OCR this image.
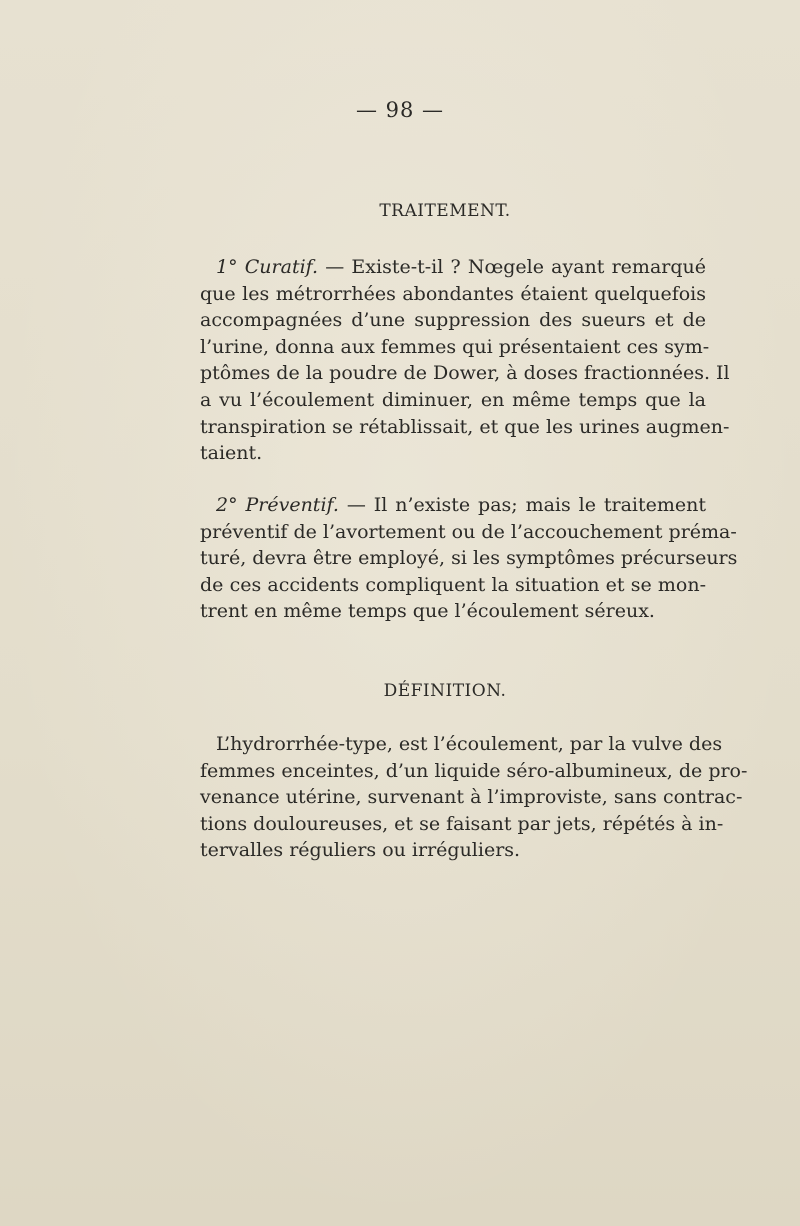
— 98 —
TRAITEMENT.
1° Curatif. — Existe-t-il ? Nœgele ayant remarqué
que les métrorrhées abondantes étaient quelquefois
accompagnées d’une suppression des sueurs et de
l’urine, donna aux femmes qui présentaient ces sym-
ptômes de la poudre de Dower, à doses fractionnées. Il
a vu l’écoulement diminuer, en même temps que la
transpiration se rétablissait, et que les urines augmen-
taient.
2° Préventif. — Il n’existe pas; mais le traitement
préventif de l’avortement ou de l’accouchement préma-
turé, devra être employé, si les symptômes précurseurs
de ces accidents compliquent la situation et se mon-
trent en même temps que l’écoulement séreux.
DÉFINITION.
L’hydrorrhée-type, est l’écoulement, par la vulve des
femmes enceintes, d’un liquide séro-albumineux, de pro-
venance utérine, survenant à l’improviste, sans contrac-
tions douloureuses, et se faisant par jets, répétés à in-
tervalles réguliers ou irréguliers.
